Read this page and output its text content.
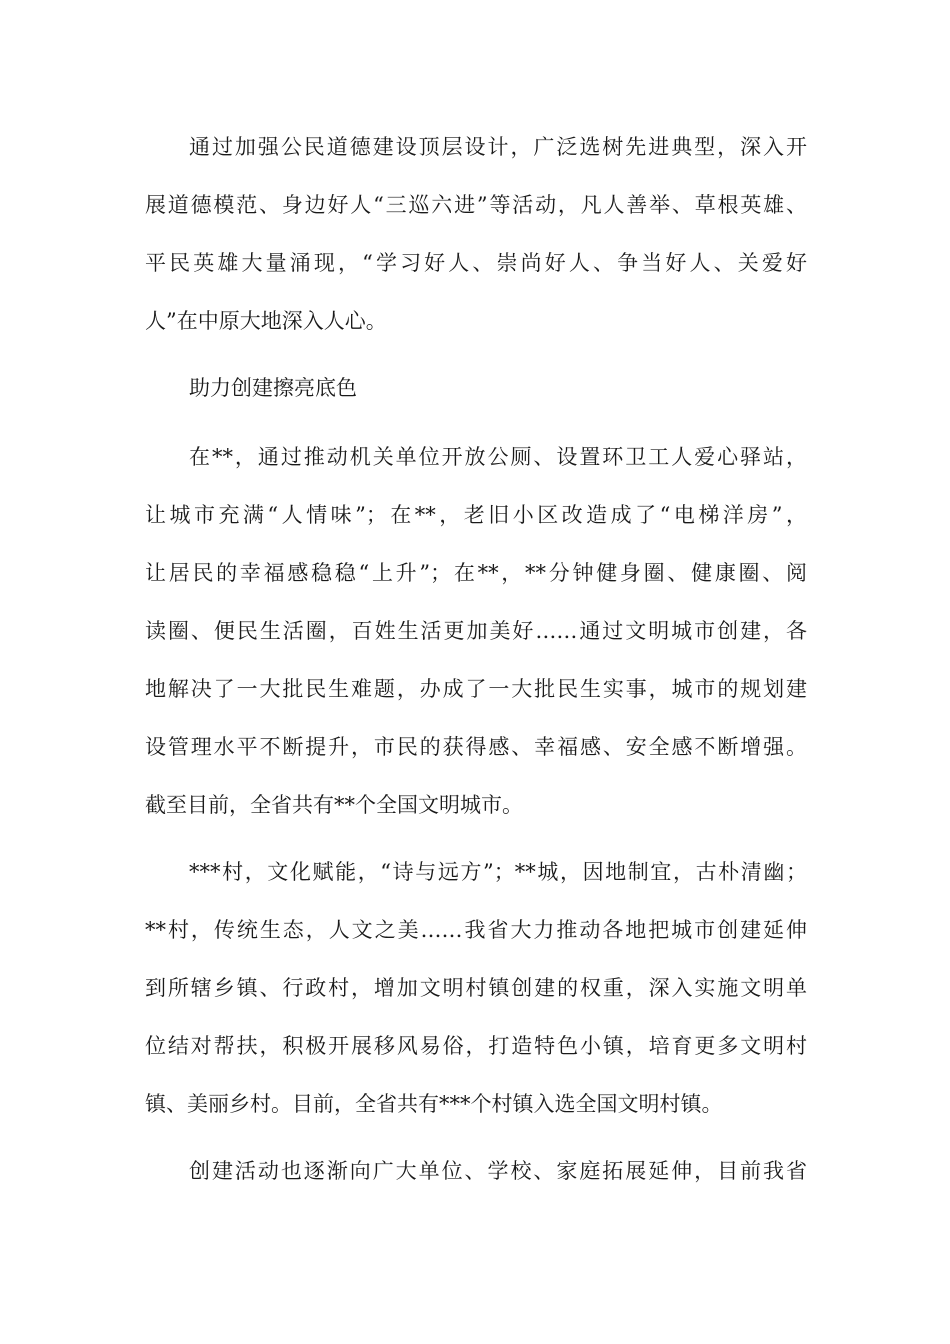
通过加强公民道德建设顶层设计，广泛选树先进典型，深入开
展道德模范、身边好人“三巡六进”等活动，凡人善举、草根英雄、
平民英雄大量涌现，“学习好人、崇尚好人、争当好人、关爱好
人”在中原大地深入人心。
助力创建擦亮底色
在**，通过推动机关单位开放公厕、设置环卫工人爱心驿站，
让城市充满“人情味”；在**，老旧小区改造成了“电梯洋房”，
让居民的幸福感稳稳“上升”；在**，**分钟健身圈、健康圈、阅
读圈、便民生活圈，百姓生活更加美好……通过文明城市创建，各
地解决了一大批民生难题，办成了一大批民生实事，城市的规划建
设管理水平不断提升，市民的获得感、幸福感、安全感不断增强。
截至目前，全省共有**个全国文明城市。
***村，文化赋能，“诗与远方”；**城，因地制宜，古朴清幽；
**村，传统生态，人文之美……我省大力推动各地把城市创建延伸
到所辖乡镇、行政村，增加文明村镇创建的权重，深入实施文明单
位结对帮扶，积极开展移风易俗，打造特色小镇，培育更多文明村
镇、美丽乡村。目前，全省共有***个村镇入选全国文明村镇。
创建活动也逐渐向广大单位、学校、家庭拓展延伸，目前我省
